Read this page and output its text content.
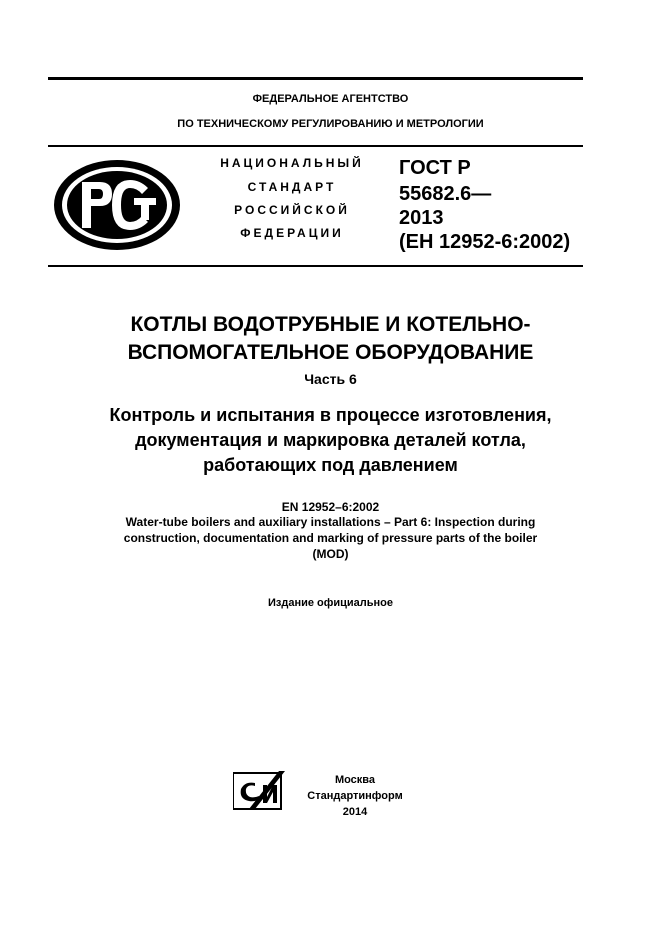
ФЕДЕРАЛЬНОЕ АГЕНТСТВО
ПО ТЕХНИЧЕСКОМУ РЕГУЛИРОВАНИЮ И МЕТРОЛОГИИ
НАЦИОНАЛЬНЫЙ
СТАНДАРТ
РОССИЙСКОЙ
ФЕДЕРАЦИИ
ГОСТ Р
55682.6—
2013
(ЕН 12952-6:2002)
КОТЛЫ ВОДОТРУБНЫЕ И КОТЕЛЬНО-
ВСПОМОГАТЕЛЬНОЕ ОБОРУДОВАНИЕ
Часть 6
Контроль и испытания в процессе изготовления,
документация и маркировка деталей котла,
работающих под давлением
EN 12952–6:2002
Water-tube boilers and auxiliary installations – Part 6: Inspection during
construction, documentation and marking of pressure parts of the boiler
(MOD)
Издание официальное
Москва
Стандартинформ
2014
